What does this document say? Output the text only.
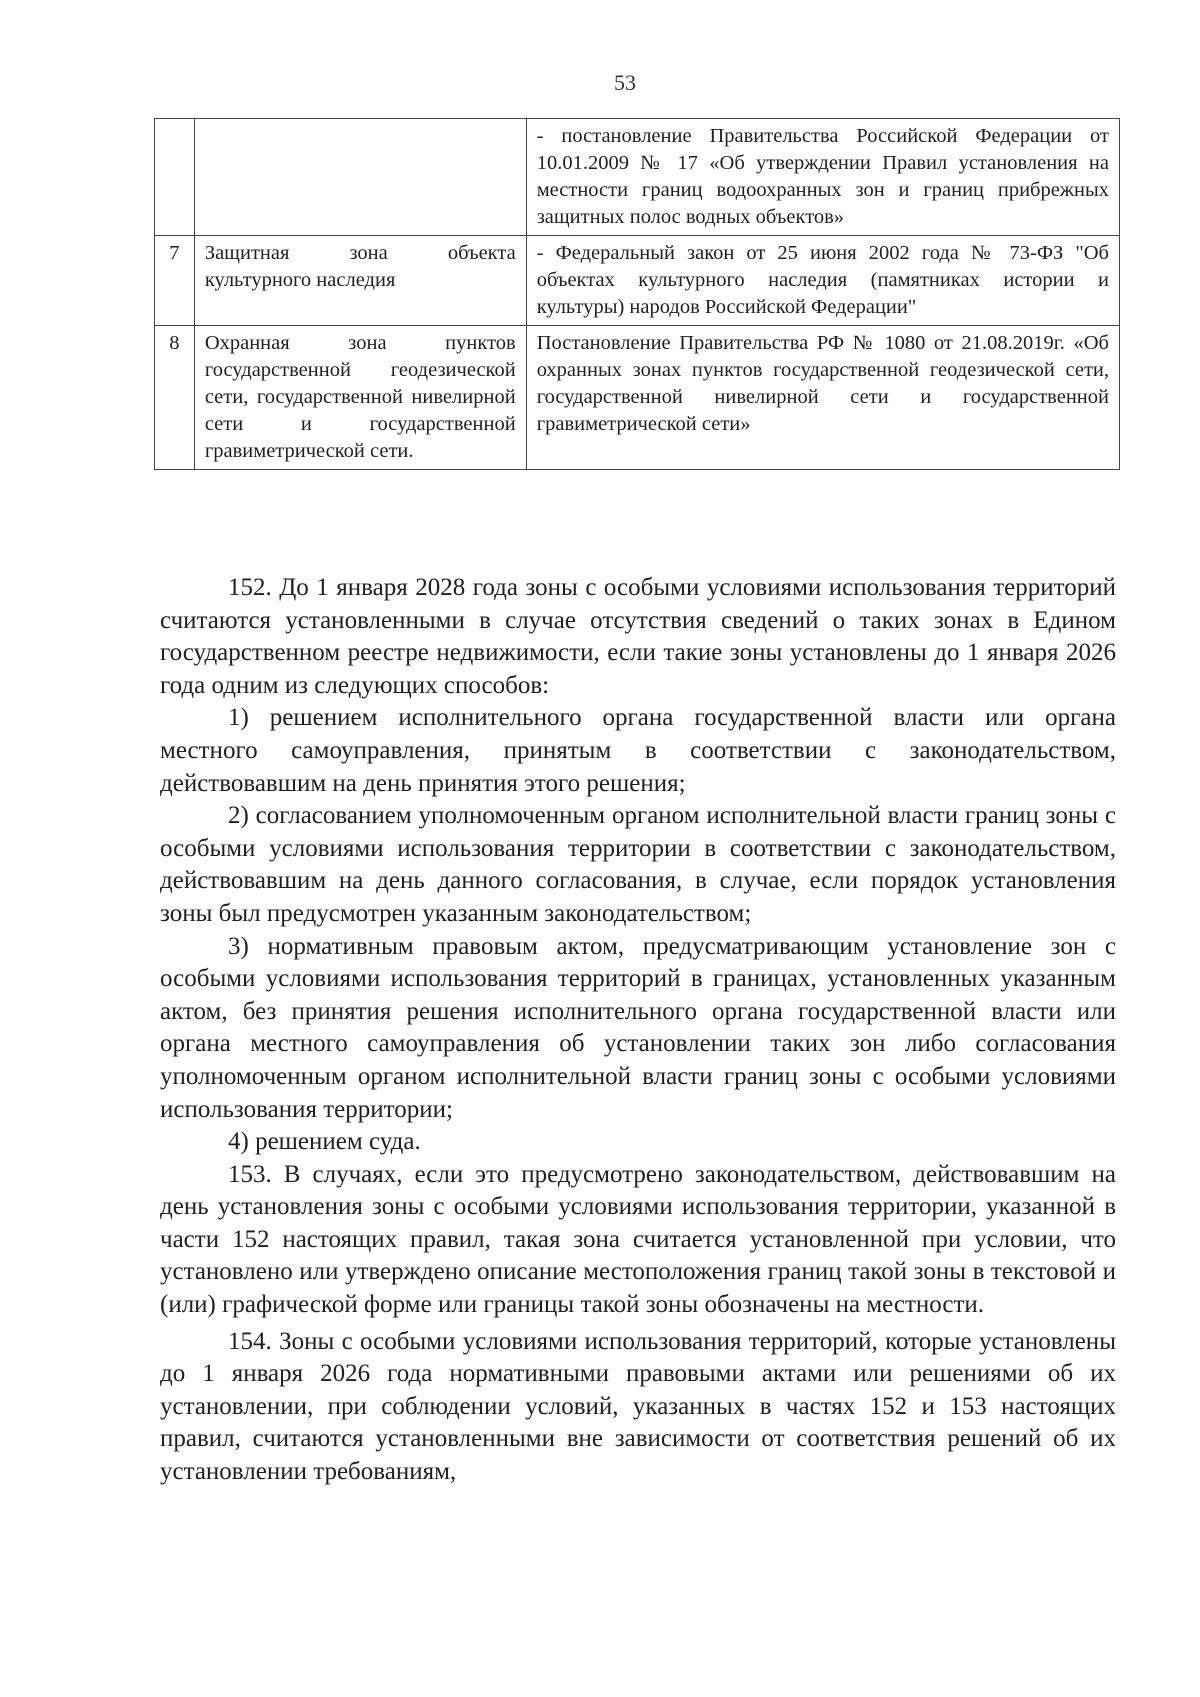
53
		- постановление Правительства Российской Федерации от 10.01.2009 № 17 «Об утверждении Правил установления на местности границ водоохранных зон и границ прибрежных защитных полос водных объектов»
7	Защитная зона объекта культурного наследия	- Федеральный закон от 25 июня 2002 года № 73-ФЗ "Об объектах культурного наследия (памятниках истории и культуры) народов Российской Федерации"
8	Охранная зона пунктов государственной геодезической сети, государственной нивелирной сети и государственной гравиметрической сети.	Постановление Правительства РФ № 1080 от 21.08.2019г. «Об охранных зонах пунктов государственной геодезической сети, государственной нивелирной сети и государственной гравиметрической сети»

152. До 1 января 2028 года зоны с особыми условиями использования территорий считаются установленными в случае отсутствия сведений о таких зонах в Едином государственном реестре недвижимости, если такие зоны установлены до 1 января 2026 года одним из следующих способов:

1) решением исполнительного органа государственной власти или органа местного самоуправления, принятым в соответствии с законодательством, действовавшим на день принятия этого решения;

2) согласованием уполномоченным органом исполнительной власти границ зоны с особыми условиями использования территории в соответствии с законодательством, действовавшим на день данного согласования, в случае, если порядок установления зоны был предусмотрен указанным законодательством;

3) нормативным правовым актом, предусматривающим установление зон с особыми условиями использования территорий в границах, установленных указанным актом, без принятия решения исполнительного органа государственной власти или органа местного самоуправления об установлении таких зон либо согласования уполномоченным органом исполнительной власти границ зоны с особыми условиями использования территории;

4) решением суда.

153. В случаях, если это предусмотрено законодательством, действовавшим на день установления зоны с особыми условиями использования территории, указанной в части 152 настоящих правил, такая зона считается установленной при условии, что установлено или утверждено описание местоположения границ такой зоны в текстовой и (или) графической форме или границы такой зоны обозначены на местности.

154. Зоны с особыми условиями использования территорий, которые установлены до 1 января 2026 года нормативными правовыми актами или решениями об их установлении, при соблюдении условий, указанных в частях 152 и 153 настоящих правил, считаются установленными вне зависимости от соответствия решений об их установлении требованиям,
